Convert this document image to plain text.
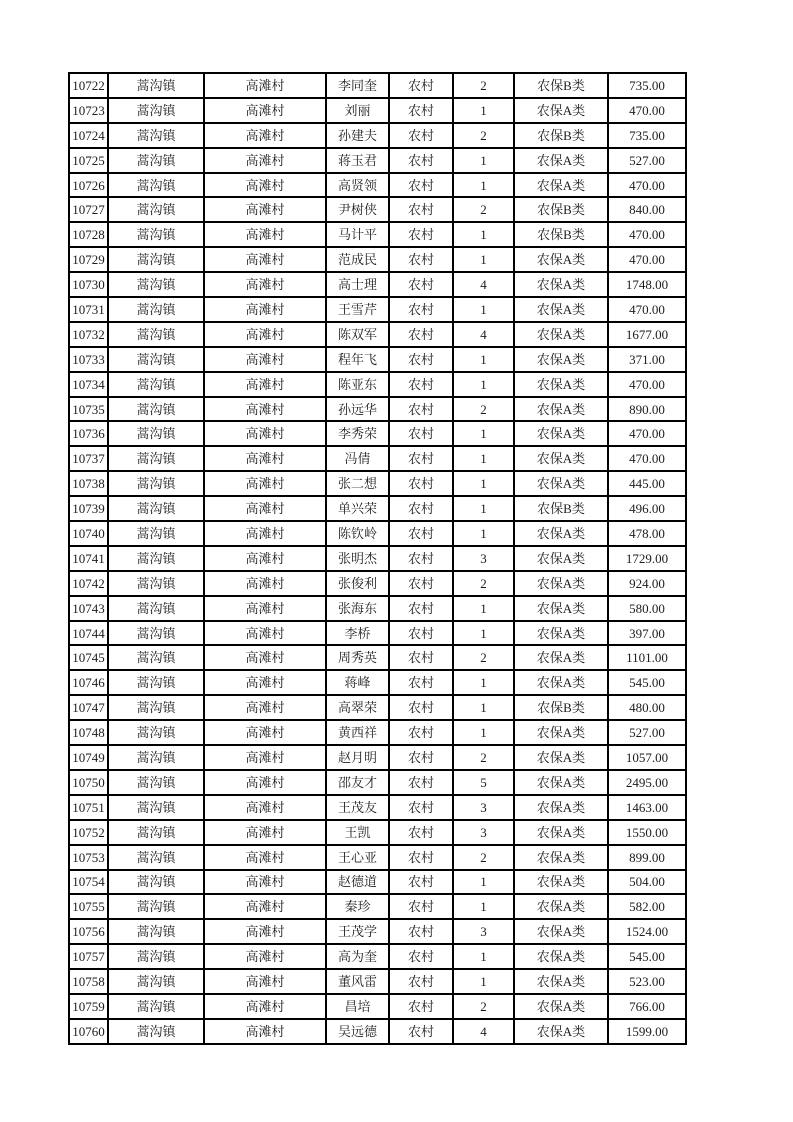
10722	蒿沟镇	高滩村	李同奎	农村	2	农保B类	735.00
10723	蒿沟镇	高滩村	刘丽	农村	1	农保A类	470.00
10724	蒿沟镇	高滩村	孙建夫	农村	2	农保B类	735.00
10725	蒿沟镇	高滩村	蒋玉君	农村	1	农保A类	527.00
10726	蒿沟镇	高滩村	高贤领	农村	1	农保A类	470.00
10727	蒿沟镇	高滩村	尹树侠	农村	2	农保B类	840.00
10728	蒿沟镇	高滩村	马计平	农村	1	农保B类	470.00
10729	蒿沟镇	高滩村	范成民	农村	1	农保A类	470.00
10730	蒿沟镇	高滩村	高士理	农村	4	农保A类	1748.00
10731	蒿沟镇	高滩村	王雪芹	农村	1	农保A类	470.00
10732	蒿沟镇	高滩村	陈双军	农村	4	农保A类	1677.00
10733	蒿沟镇	高滩村	程年飞	农村	1	农保A类	371.00
10734	蒿沟镇	高滩村	陈亚东	农村	1	农保A类	470.00
10735	蒿沟镇	高滩村	孙远华	农村	2	农保A类	890.00
10736	蒿沟镇	高滩村	李秀荣	农村	1	农保A类	470.00
10737	蒿沟镇	高滩村	冯倩	农村	1	农保A类	470.00
10738	蒿沟镇	高滩村	张二想	农村	1	农保A类	445.00
10739	蒿沟镇	高滩村	单兴荣	农村	1	农保B类	496.00
10740	蒿沟镇	高滩村	陈钦岭	农村	1	农保A类	478.00
10741	蒿沟镇	高滩村	张明杰	农村	3	农保A类	1729.00
10742	蒿沟镇	高滩村	张俊利	农村	2	农保A类	924.00
10743	蒿沟镇	高滩村	张海东	农村	1	农保A类	580.00
10744	蒿沟镇	高滩村	李桥	农村	1	农保A类	397.00
10745	蒿沟镇	高滩村	周秀英	农村	2	农保A类	1101.00
10746	蒿沟镇	高滩村	蒋峰	农村	1	农保A类	545.00
10747	蒿沟镇	高滩村	高翠荣	农村	1	农保B类	480.00
10748	蒿沟镇	高滩村	黄西祥	农村	1	农保A类	527.00
10749	蒿沟镇	高滩村	赵月明	农村	2	农保A类	1057.00
10750	蒿沟镇	高滩村	邵友才	农村	5	农保A类	2495.00
10751	蒿沟镇	高滩村	王茂友	农村	3	农保A类	1463.00
10752	蒿沟镇	高滩村	王凯	农村	3	农保A类	1550.00
10753	蒿沟镇	高滩村	王心亚	农村	2	农保A类	899.00
10754	蒿沟镇	高滩村	赵德道	农村	1	农保A类	504.00
10755	蒿沟镇	高滩村	秦珍	农村	1	农保A类	582.00
10756	蒿沟镇	高滩村	王茂学	农村	3	农保A类	1524.00
10757	蒿沟镇	高滩村	高为奎	农村	1	农保A类	545.00
10758	蒿沟镇	高滩村	董风雷	农村	1	农保A类	523.00
10759	蒿沟镇	高滩村	昌培	农村	2	农保A类	766.00
10760	蒿沟镇	高滩村	吴远德	农村	4	农保A类	1599.00
